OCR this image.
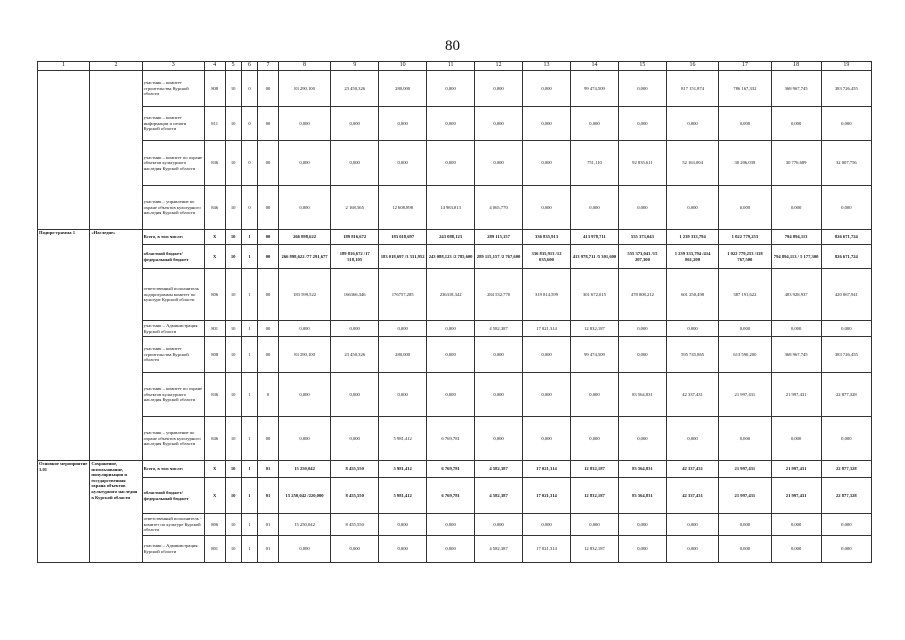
80
1	2	3	4	5	6	7	8	9	10	11	12	13	14	15	16	17	18	19
		участник – комитет строительства Курской области	808	10	0	00	83 290,100	23 450,326	280,000	0,000	0,000	0,000	99 474,509	0,000	817 151,874	786 167,332	368 967,745	383 726,455
		участник – комитет информации и печати Курской области	811	10	0	00	0,000	0,000	0,000	0,000	0,000	0,000	0,000	0,000	0,000	0,000	0,000	0,000
		участник – комитет по охране объектов культурного наследия Курской области	836	10	0	00	0,000	0,000	0,000	0,000	0,000	0,000	751,110	92 835,611	52 163,004	30 206,039	30 776,689	32 007,756
		участник – управление по охране объектов культурного наследия Курской области	846	10	0	00	0,000	2 168,565	12 608,898	14 983,813	4 065,770	0,000	0,000	0,000	0,000	0,000	0,000	0,000
Подпро-грамма 1	«Наследие»	Всего, в том числе:	X	10	1	00	266 898,622	189 816,672	183 018,697	243 088,123	289 115,157	336 835,913	413 978,711	555 373,043	1 239 333,794	1 022 779,253	794 894,113	826 671,724
		областной бюджет/ федеральный бюджет	X	10	1	00	266 898,622 /77 291,677	189 816,672 /17 518,105	183 018,697 /3 331,952	243 088,123 /2 785,600	289 115,157 /2 767,600	336 835,913 /12 035,600	413 978,711 /5 301,600	555 373,043 /15 207,300	1 239 333,794 /414 861,200	1 022 779,253 /118 767,500	794 894,113 / 5 177,300	826 671,724
		ответственный исполнитель подпрограммы комитет по культуре Курской области	806	10	1	00	183 599,522	166366,346	176757,285	236318,342	284 532,770	319 814,599	301 672,015	478 808,212	601 250,498	387 191,622	403 928,937	420 067,941
		участник – Администрация Курской области	801	10	1	00	0,000	0,000	0,000	0,000	4 582,387	17 021,314	12 832,187	0,000	0,000	0,000	0,000	0,000
		участник – комитет строительства Курской области	808	10	1	00	83 290,100	23 450,326	280,000	0,000	0,000	0,000	99 474,509	0,000	595 745,865	613 590,200	368 967,745	383 726,455
		участник – комитет по охране объектов культурного наследия Курской области	836	10	1	0	0,000	0,000	0,000	0,000	0,000	0,000	0,000	83 564,831	42 337,431	21 997,431	21 997,431	22 877,328
		участник – управление по охране объектов культурного наследия Курской области	846	10	1	00	0,000	0,000	5 981,412	6 769,781	0,000	0,000	0,000	0,000	0,000	0,000	0,000	0,000
Основное мероприятие 1.01	Сохранение, использование, популяризация и государственная охрана объектов культурного наследия в Курской области	Всего, в том числе:	X	10	1	01	15 250,042	8 455,550	5 981,412	6 769,781	4 582,387	17 021,314	12 832,187	83 564,831	42 337,431	21 997,431	21 997,431	22 877,328
		областной бюджет/ федеральный бюджет	X	10	1	01	15 250,042 /220,000	8 455,550	5 981,412	6 769,781	4 582,387	17 021,314	12 832,187	83 564,831	42 337,431	21 997,431	21 997,431	22 877,328
		ответственный исполнитель - комитет по культуре Курской области	806	10	1	01	15 250,042	8 455,550	0,000	0,000	0,000	0,000	0,000	0,000	0,000	0,000	0,000	0,000
		участник – Администрация Курской области	801	10	1	01	0,000	0,000	0,000	0,000	4 582,387	17 021,314	12 832,187	0,000	0,000	0,000	0,000	0,000
